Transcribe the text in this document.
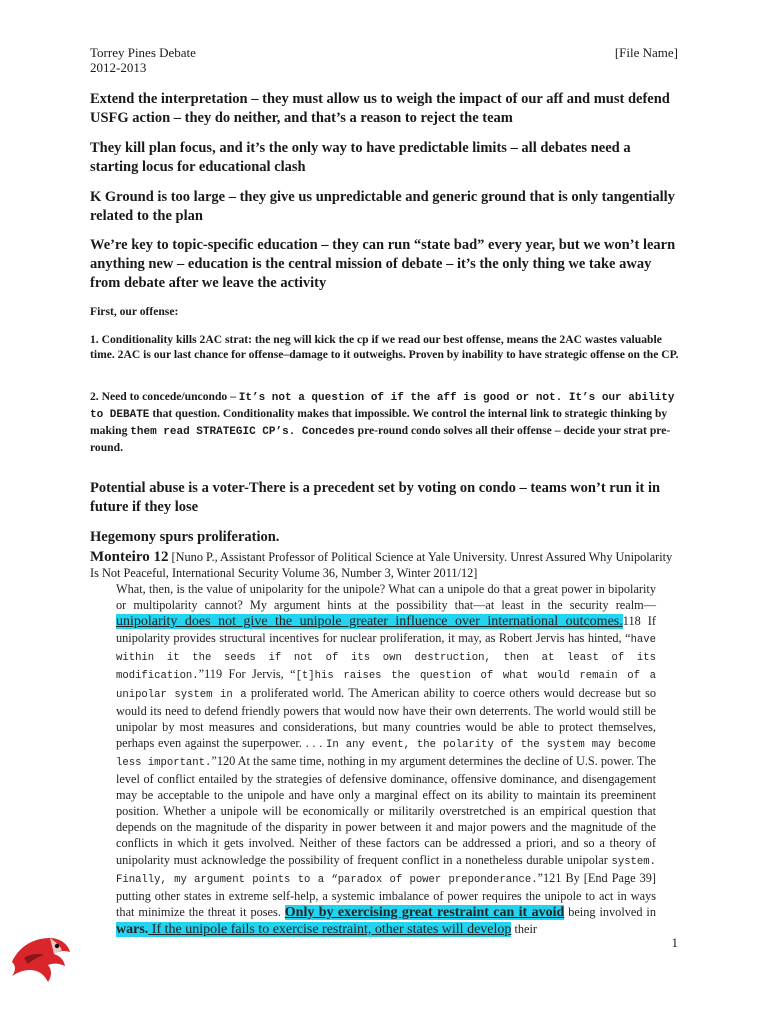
Torrey Pines Debate
2012-2013
[File Name]

Extend the interpretation – they must allow us to weigh the impact of our aff and must defend USFG action – they do neither, and that’s a reason to reject the team

They kill plan focus, and it’s the only way to have predictable limits – all debates need a starting locus for educational clash

K Ground is too large – they give us unpredictable and generic ground that is only tangentially related to the plan

We’re key to topic-specific education – they can run “state bad” every year, but we won’t learn anything new – education is the central mission of debate – it’s the only thing we take away from debate after we leave the activity

First, our offense:

1. Conditionality kills 2AC strat: the neg will kick the cp if we read our best offense, means the 2AC wastes valuable time. 2AC is our last chance for offense–damage to it outweighs. Proven by inability to have strategic offense on the CP.

2. Need to concede/uncondo – It’s not a question of if the aff is good or not. It’s our ability to DEBATE that question. Conditionality makes that impossible. We control the internal link to strategic thinking by making them read STRATEGIC CP’s. Concedes pre-round condo solves all their offense – decide your strat pre-round.

Potential abuse is a voter-There is a precedent set by voting on condo – teams won’t run it in future if they lose

Hegemony spurs proliferation.

Monteiro 12 [Nuno P., Assistant Professor of Political Science at Yale University. Unrest Assured Why Unipolarity Is Not Peaceful, International Security Volume 36, Number 3, Winter 2011/12]

What, then, is the value of unipolarity for the unipole? What can a unipole do that a great power in bipolarity or multipolarity cannot? My argument hints at the possibility that—at least in the security realm—unipolarity does not give the unipole greater influence over international outcomes.118 If unipolarity provides structural incentives for nuclear proliferation, it may, as Robert Jervis has hinted, “have within it the seeds if not of its own destruction, then at least of its modification.”119 For Jervis, “[t]his raises the question of what would remain of a unipolar system in a proliferated world. The American ability to coerce others would decrease but so would its need to defend friendly powers that would now have their own deterrents. The world would still be unipolar by most measures and considerations, but many countries would be able to protect themselves, perhaps even against the superpower. . . . In any event, the polarity of the system may become less important.”120 At the same time, nothing in my argument determines the decline of U.S. power. The level of conflict entailed by the strategies of defensive dominance, offensive dominance, and disengagement may be acceptable to the unipole and have only a marginal effect on its ability to maintain its preeminent position. Whether a unipole will be economically or militarily overstretched is an empirical question that depends on the magnitude of the disparity in power between it and major powers and the magnitude of the conflicts in which it gets involved. Neither of these factors can be addressed a priori, and so a theory of unipolarity must acknowledge the possibility of frequent conflict in a nonetheless durable unipolar system. Finally, my argument points to a “paradox of power preponderance.”121 By [End Page 39] putting other states in extreme self-help, a systemic imbalance of power requires the unipole to act in ways that minimize the threat it poses. Only by exercising great restraint can it avoid being involved in wars. If the unipole fails to exercise restraint, other states will develop their

1
